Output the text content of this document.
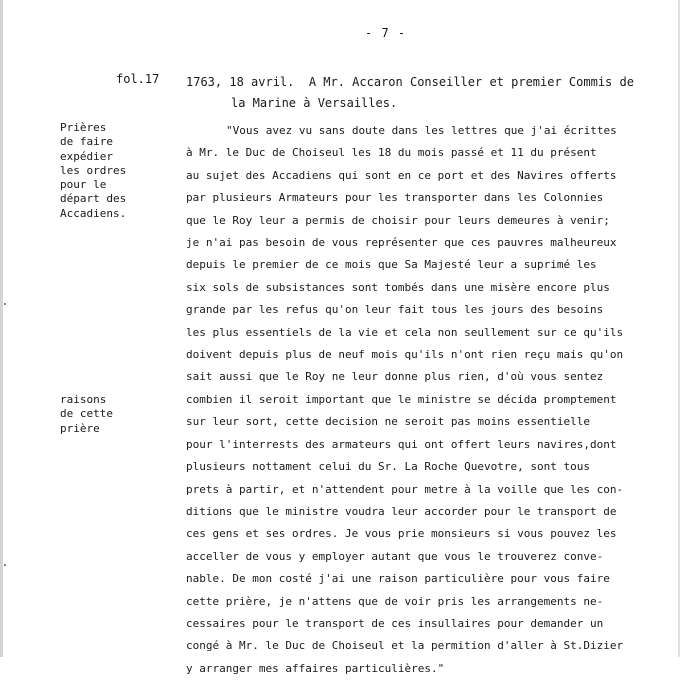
- 7 -
fol.17 1763, 18 avril. A Mr. Accaron Conseiller et premier Commis de
la Marine à Versailles.
Prières
de faire
expédier
les ordres
pour le
départ des
Accadiens.
raisons
de cette
prière
"Vous avez vu sans doute dans les lettres que j'ai écrittes
à Mr. le Duc de Choiseul les 18 du mois passé et 11 du présent
au sujet des Accadiens qui sont en ce port et des Navires offerts
par plusieurs Armateurs pour les transporter dans les Colonnies
que le Roy leur a permis de choisir pour leurs demeures à venir;
je n'ai pas besoin de vous représenter que ces pauvres malheureux
depuis le premier de ce mois que Sa Majesté leur a suprimé les
six sols de subsistances sont tombés dans une misère encore plus
grande par les refus qu'on leur fait tous les jours des besoins
les plus essentiels de la vie et cela non seullement sur ce qu'ils
doivent depuis plus de neuf mois qu'ils n'ont rien reçu mais qu'on
sait aussi que le Roy ne leur donne plus rien, d'où vous sentez
combien il seroit important que le ministre se décida promptement
sur leur sort, cette decision ne seroit pas moins essentielle
pour l'interrests des armateurs qui ont offert leurs navires,dont
plusieurs nottament celui du Sr. La Roche Quevotre, sont tous
prets à partir, et n'attendent pour metre à la voille que les con-
ditions que le ministre voudra leur accorder pour le transport de
ces gens et ses ordres. Je vous prie monsieurs si vous pouvez les
acceller de vous y employer autant que vous le trouverez conve-
nable. De mon costé j'ai une raison particulière pour vous faire
cette prière, je n'attens que de voir pris les arrangements ne-
cessaires pour le transport de ces insullaires pour demander un
congé à Mr. le Duc de Choiseul et la permition d'aller à St.Dizier
y arranger mes affaires particulières."
